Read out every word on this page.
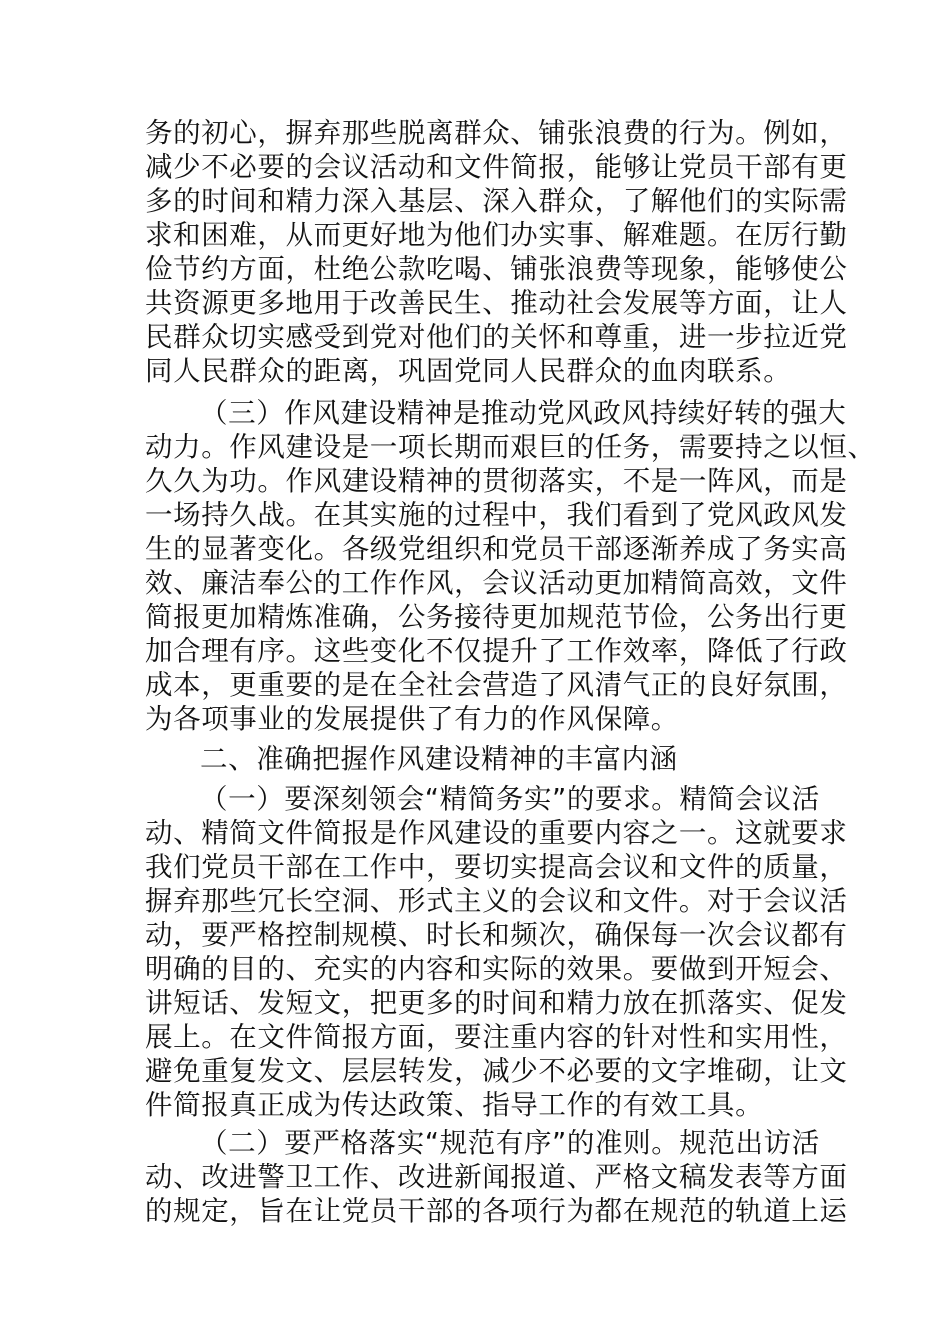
务的初心，摒弃那些脱离群众、铺张浪费的行为。例如，
减少不必要的会议活动和文件简报，能够让党员干部有更
多的时间和精力深入基层、深入群众，了解他们的实际需
求和困难，从而更好地为他们办实事、解难题。在厉行勤
俭节约方面，杜绝公款吃喝、铺张浪费等现象，能够使公
共资源更多地用于改善民生、推动社会发展等方面，让人
民群众切实感受到党对他们的关怀和尊重，进一步拉近党
同人民群众的距离，巩固党同人民群众的血肉联系。
（三）作风建设精神是推动党风政风持续好转的强大
动力。作风建设是一项长期而艰巨的任务，需要持之以恒、
久久为功。作风建设精神的贯彻落实，不是一阵风，而是
一场持久战。在其实施的过程中，我们看到了党风政风发
生的显著变化。各级党组织和党员干部逐渐养成了务实高
效、廉洁奉公的工作作风，会议活动更加精简高效，文件
简报更加精炼准确，公务接待更加规范节俭，公务出行更
加合理有序。这些变化不仅提升了工作效率，降低了行政
成本，更重要的是在全社会营造了风清气正的良好氛围，
为各项事业的发展提供了有力的作风保障。
二、准确把握作风建设精神的丰富内涵
（一）要深刻领会“精简务实”的要求。精简会议活
动、精简文件简报是作风建设的重要内容之一。这就要求
我们党员干部在工作中，要切实提高会议和文件的质量，
摒弃那些冗长空洞、形式主义的会议和文件。对于会议活
动，要严格控制规模、时长和频次，确保每一次会议都有
明确的目的、充实的内容和实际的效果。要做到开短会、
讲短话、发短文，把更多的时间和精力放在抓落实、促发
展上。在文件简报方面，要注重内容的针对性和实用性，
避免重复发文、层层转发，减少不必要的文字堆砌，让文
件简报真正成为传达政策、指导工作的有效工具。
（二）要严格落实“规范有序”的准则。规范出访活
动、改进警卫工作、改进新闻报道、严格文稿发表等方面
的规定，旨在让党员干部的各项行为都在规范的轨道上运
